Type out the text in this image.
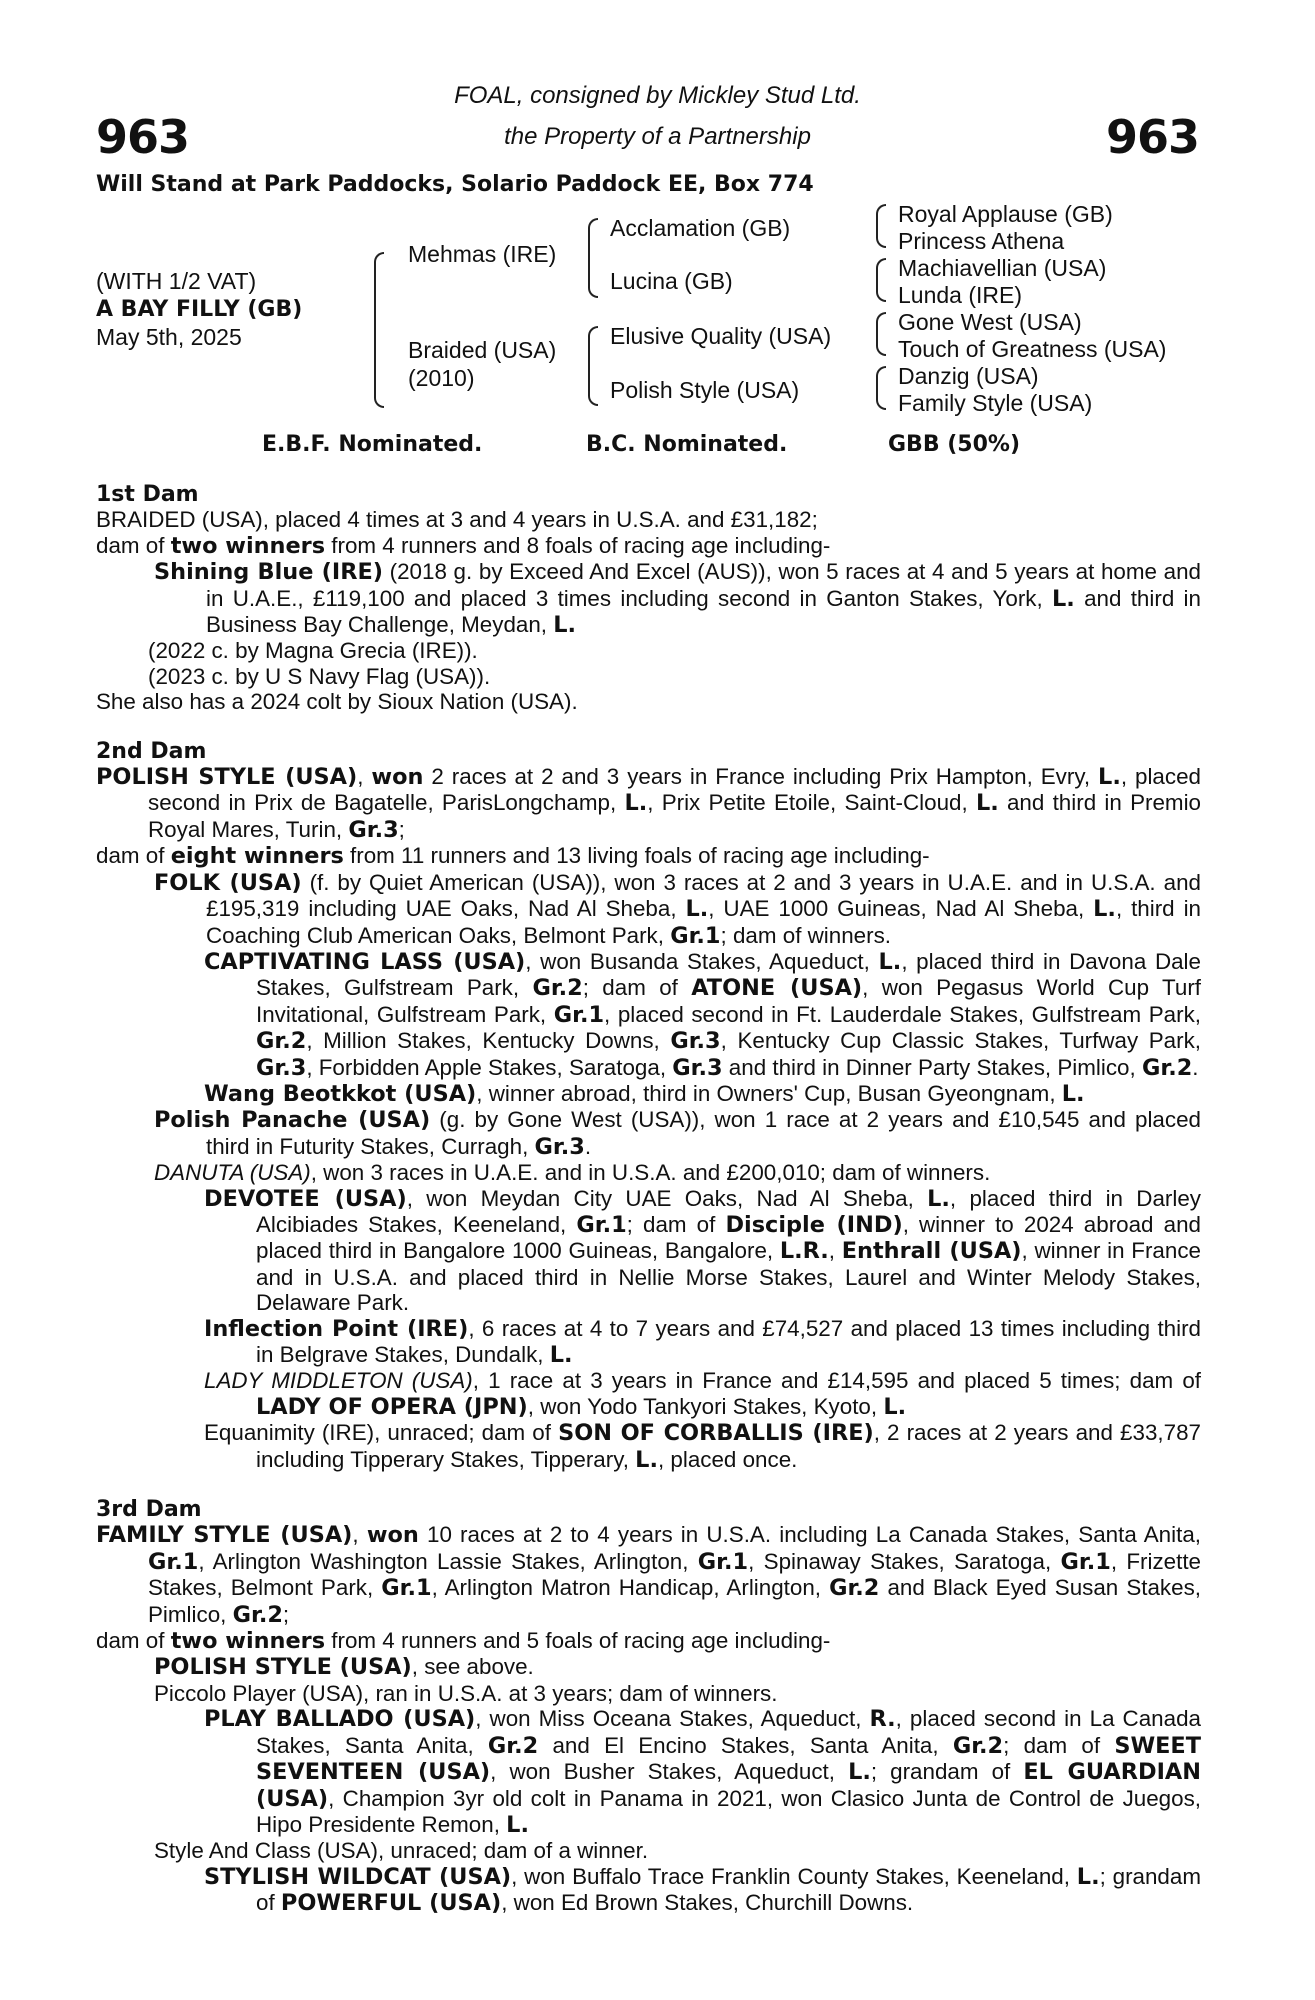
963	963
FOAL, consigned by Mickley Stud Ltd.
the Property of a Partnership
Will Stand at Park Paddocks, Solario Paddock EE, Box 774
(WITH 1/2 VAT)
A BAY FILLY (GB)
May 5th, 2025
Mehmas (IRE)
Braided (USA)
(2010)
Acclamation (GB)
Lucina (GB)
Elusive Quality (USA)
Polish Style (USA)
Royal Applause (GB)
Princess Athena
Machiavellian (USA)
Lunda (IRE)
Gone West (USA)
Touch of Greatness (USA)
Danzig (USA)
Family Style (USA)
E.B.F. Nominated.	B.C. Nominated.	GBB (50%)
1st Dam
BRAIDED (USA), placed 4 times at 3 and 4 years in U.S.A. and £31,182;
dam of two winners from 4 runners and 8 foals of racing age including-
Shining Blue (IRE) (2018 g. by Exceed And Excel (AUS)), won 5 races at 4 and 5 years at home and in U.A.E., £119,100 and placed 3 times including second in Ganton Stakes, York, L. and third in Business Bay Challenge, Meydan, L.
(2022 c. by Magna Grecia (IRE)).
(2023 c. by U S Navy Flag (USA)).
She also has a 2024 colt by Sioux Nation (USA).
2nd Dam
POLISH STYLE (USA), won 2 races at 2 and 3 years in France including Prix Hampton, Evry, L., placed second in Prix de Bagatelle, ParisLongchamp, L., Prix Petite Etoile, Saint-Cloud, L. and third in Premio Royal Mares, Turin, Gr.3;
dam of eight winners from 11 runners and 13 living foals of racing age including-
FOLK (USA) (f. by Quiet American (USA)), won 3 races at 2 and 3 years in U.A.E. and in U.S.A. and £195,319 including UAE Oaks, Nad Al Sheba, L., UAE 1000 Guineas, Nad Al Sheba, L., third in Coaching Club American Oaks, Belmont Park, Gr.1; dam of winners.
CAPTIVATING LASS (USA), won Busanda Stakes, Aqueduct, L., placed third in Davona Dale Stakes, Gulfstream Park, Gr.2; dam of ATONE (USA), won Pegasus World Cup Turf Invitational, Gulfstream Park, Gr.1, placed second in Ft. Lauderdale Stakes, Gulfstream Park, Gr.2, Million Stakes, Kentucky Downs, Gr.3, Kentucky Cup Classic Stakes, Turfway Park, Gr.3, Forbidden Apple Stakes, Saratoga, Gr.3 and third in Dinner Party Stakes, Pimlico, Gr.2.
Wang Beotkkot (USA), winner abroad, third in Owners' Cup, Busan Gyeongnam, L.
Polish Panache (USA) (g. by Gone West (USA)), won 1 race at 2 years and £10,545 and placed third in Futurity Stakes, Curragh, Gr.3.
DANUTA (USA), won 3 races in U.A.E. and in U.S.A. and £200,010; dam of winners.
DEVOTEE (USA), won Meydan City UAE Oaks, Nad Al Sheba, L., placed third in Darley Alcibiades Stakes, Keeneland, Gr.1; dam of Disciple (IND), winner to 2024 abroad and placed third in Bangalore 1000 Guineas, Bangalore, L.R., Enthrall (USA), winner in France and in U.S.A. and placed third in Nellie Morse Stakes, Laurel and Winter Melody Stakes, Delaware Park.
Inflection Point (IRE), 6 races at 4 to 7 years and £74,527 and placed 13 times including third in Belgrave Stakes, Dundalk, L.
LADY MIDDLETON (USA), 1 race at 3 years in France and £14,595 and placed 5 times; dam of LADY OF OPERA (JPN), won Yodo Tankyori Stakes, Kyoto, L.
Equanimity (IRE), unraced; dam of SON OF CORBALLIS (IRE), 2 races at 2 years and £33,787 including Tipperary Stakes, Tipperary, L., placed once.
3rd Dam
FAMILY STYLE (USA), won 10 races at 2 to 4 years in U.S.A. including La Canada Stakes, Santa Anita, Gr.1, Arlington Washington Lassie Stakes, Arlington, Gr.1, Spinaway Stakes, Saratoga, Gr.1, Frizette Stakes, Belmont Park, Gr.1, Arlington Matron Handicap, Arlington, Gr.2 and Black Eyed Susan Stakes, Pimlico, Gr.2;
dam of two winners from 4 runners and 5 foals of racing age including-
POLISH STYLE (USA), see above.
Piccolo Player (USA), ran in U.S.A. at 3 years; dam of winners.
PLAY BALLADO (USA), won Miss Oceana Stakes, Aqueduct, R., placed second in La Canada Stakes, Santa Anita, Gr.2 and El Encino Stakes, Santa Anita, Gr.2; dam of SWEET SEVENTEEN (USA), won Busher Stakes, Aqueduct, L.; grandam of EL GUARDIAN (USA), Champion 3yr old colt in Panama in 2021, won Clasico Junta de Control de Juegos, Hipo Presidente Remon, L.
Style And Class (USA), unraced; dam of a winner.
STYLISH WILDCAT (USA), won Buffalo Trace Franklin County Stakes, Keeneland, L.; grandam of POWERFUL (USA), won Ed Brown Stakes, Churchill Downs.
